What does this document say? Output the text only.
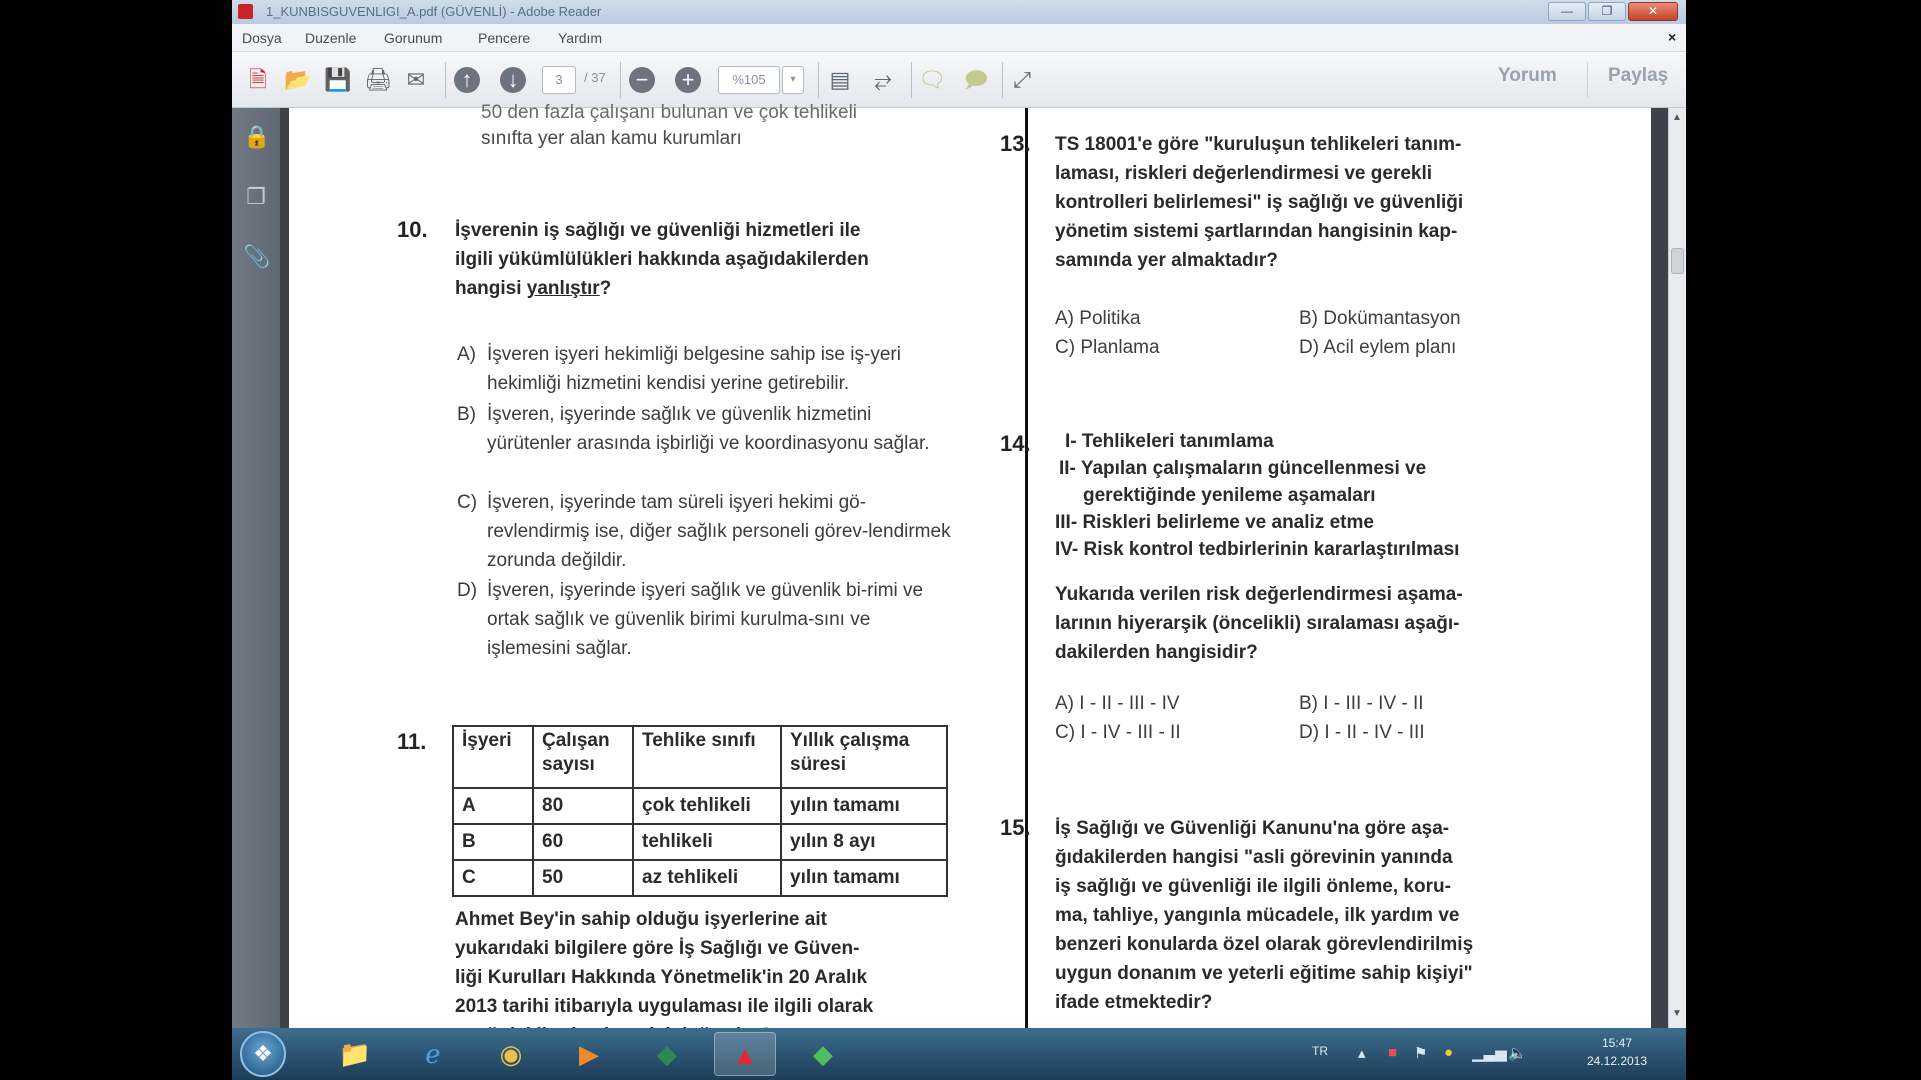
1_KUNBISGUVENLIGI_A.pdf (GÜVENLİ) - Adobe Reader	—	❐	✕
Dosya Duzenle Gorunum	Pencere Yardım	×
🗎 📂 💾 🖨 ✉	↑	↓	3	/ 37 − +	%105	▾	▤	⥂	🗨 🗩	⤢	Yorum	Paylaş
🔒
❐
📎
50 den fazla çalışanı bulunan ve çok tehlikeli
sınıfta yer alan kamu kurumları
10. İşverenin iş sağlığı ve güvenliği hizmetleri ile
ilgili yükümlülükleri hakkında aşağıdakilerden
hangisi yanlıştır?
A) İşveren işyeri hekimliği belgesine sahip ise iş-yeri hekimliği hizmetini kendisi yerine getirebilir.
B) İşveren, işyerinde sağlık ve güvenlik hizmetini yürütenler arasında işbirliği ve koordinasyonu sağlar.
C) İşveren, işyerinde tam süreli işyeri hekimi gö-revlendirmiş ise, diğer sağlık personeli görev-lendirmek zorunda değildir.
D) İşveren, işyerinde işyeri sağlık ve güvenlik bi-rimi ve ortak sağlık ve güvenlik birimi kurulma-sını ve işlemesini sağlar.
11. İşyeri	Çalışan sayısı	Tehlike sınıfı	Yıllık çalışma süresi
A	80	çok tehlikeli	yılın tamamı
B	60	tehlikeli	yılın 8 ayı
C	50	az tehlikeli	yılın tamamı
Ahmet Bey'in sahip olduğu işyerlerine ait
yukarıdaki bilgilere göre İş Sağlığı ve Güven-
liği Kurulları Hakkında Yönetmelik'in 20 Aralık
2013 tarihi itibarıyla uygulaması ile ilgili olarak
13. TS 18001'e göre "kuruluşun tehlikeleri tanım-
laması, riskleri değerlendirmesi ve gerekli
kontrolleri belirlemesi" iş sağlığı ve güvenliği
yönetim sistemi şartlarından hangisinin kap-
samında yer almaktadır?
A) Politika	B) Dokümantasyon
C) Planlama	D) Acil eylem planı
14. I- Tehlikeleri tanımlama
II- Yapılan çalışmaların güncellenmesi ve
gerektiğinde yenileme aşamaları
III- Riskleri belirleme ve analiz etme
IV- Risk kontrol tedbirlerinin kararlaştırılması
Yukarıda verilen risk değerlendirmesi aşama-
larının hiyerarşik (öncelikli) sıralaması aşağı-
dakilerden hangisidir?
A) I - II - III - IV	B) I - III - IV - II
C) I - IV - III - II	D) I - II - IV - III
15. İş Sağlığı ve Güvenliği Kanunu'na göre aşa-
ğıdakilerden hangisi "asli görevinin yanında
iş sağlığı ve güvenliği ile ilgili önleme, koru-
ma, tahliye, yangınla mücadele, ilk yardım ve
benzeri konularda özel olarak görevlendirilmiş
uygun donanım ve yeterli eğitime sahip kişiyi"
ifade etmektedir?
▲
▼
❖	📁	ℯ	◉	▶	◆	▲	◆	TR ▴ ■ ⚑ ● ▁▃▅ 🔈
15:47
24.12.2013
